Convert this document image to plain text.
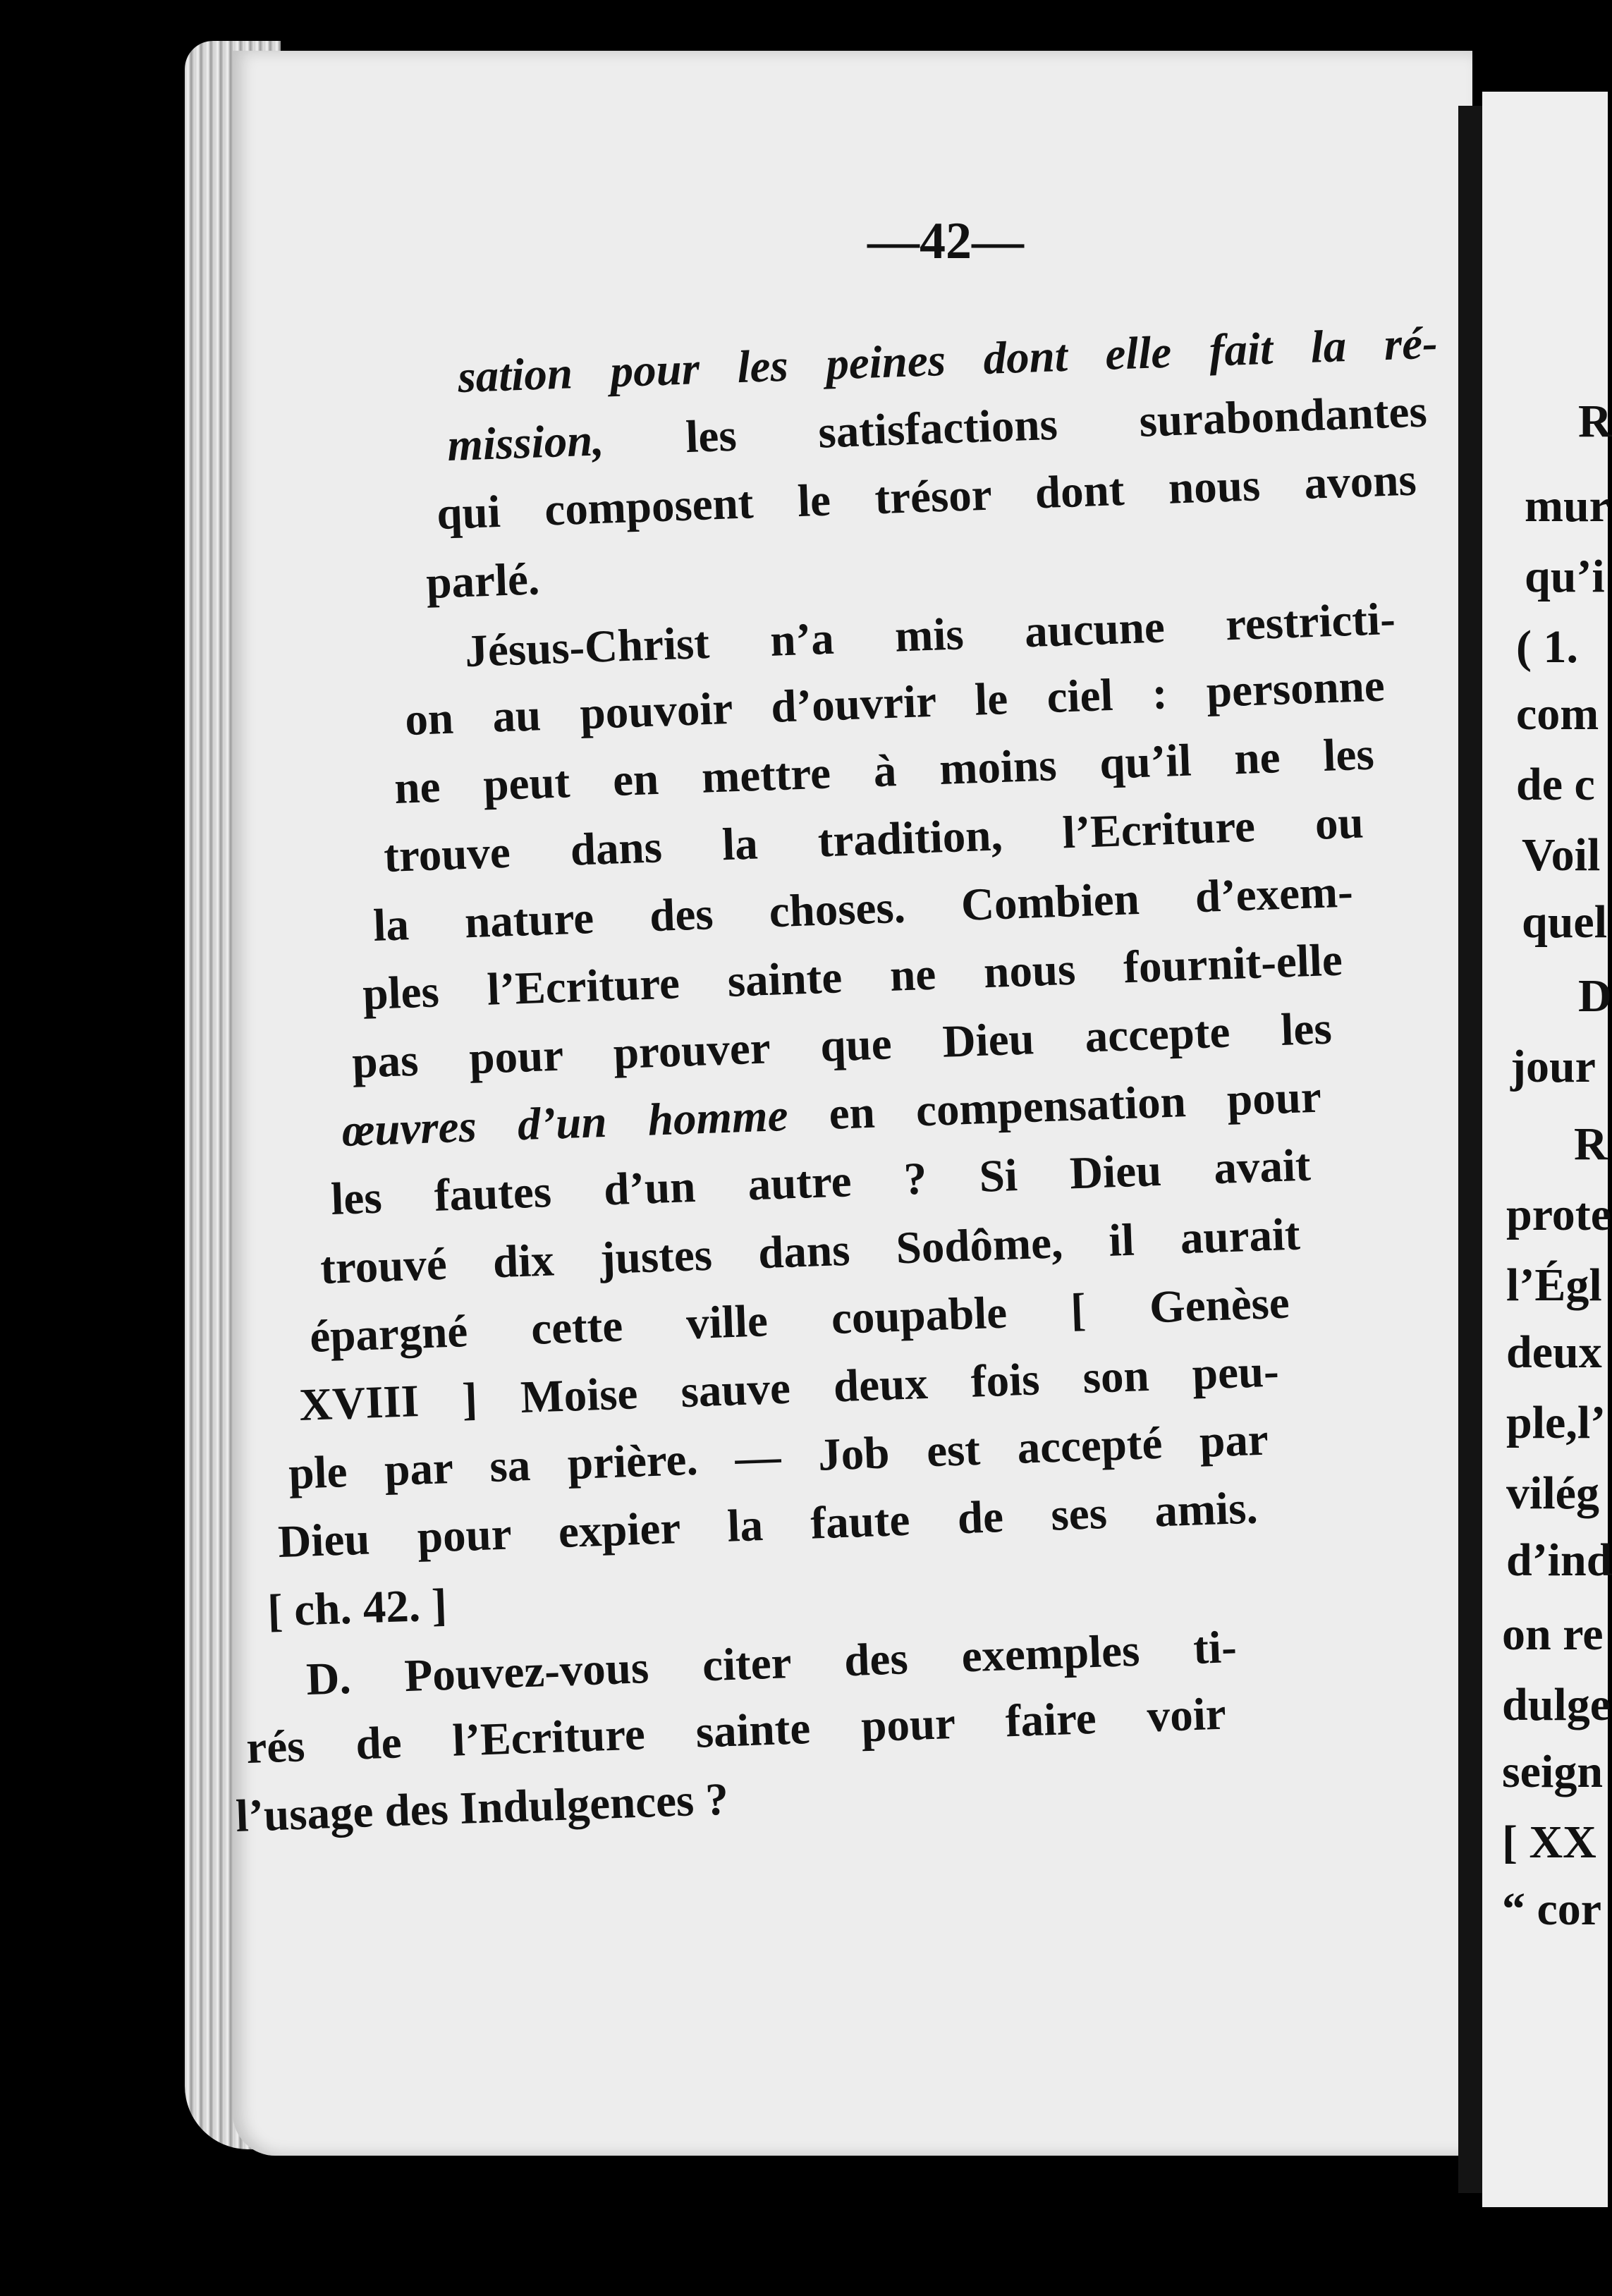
—42—
sation pour les peines dont elle fait la ré-
mission, les satisfactions surabondantes
qui composent le trésor dont nous avons
parlé.
Jésus-Christ n’a mis aucune restricti-
on au pouvoir d’ouvrir le ciel : personne
ne peut en mettre à moins qu’il ne les
trouve dans la tradition, l’Ecriture ou
la nature des choses. Combien d’exem-
ples l’Ecriture sainte ne nous fournit-elle
pas pour prouver que Dieu accepte les
œuvres d’un homme en compensation pour
les fautes d’un autre ? Si Dieu avait
trouvé dix justes dans Sodôme, il aurait
épargné cette ville coupable [ Genèse
XVIII ] Moise sauve deux fois son peu-
ple par sa prière. — Job est accepté par
Dieu pour expier la faute de ses amis.
[ ch. 42. ]
D. Pouvez-vous citer des exemples ti-
rés de l’Ecriture sainte pour faire voir
l’usage des Indulgences ?
R
mur
qu’i
( 1.
com
de c
Voil
quel
D
jour
R
prote
l’Égl
deux
ple,l’
vilég
d’ind
on re
dulge
seign
[ XX
“ cor
